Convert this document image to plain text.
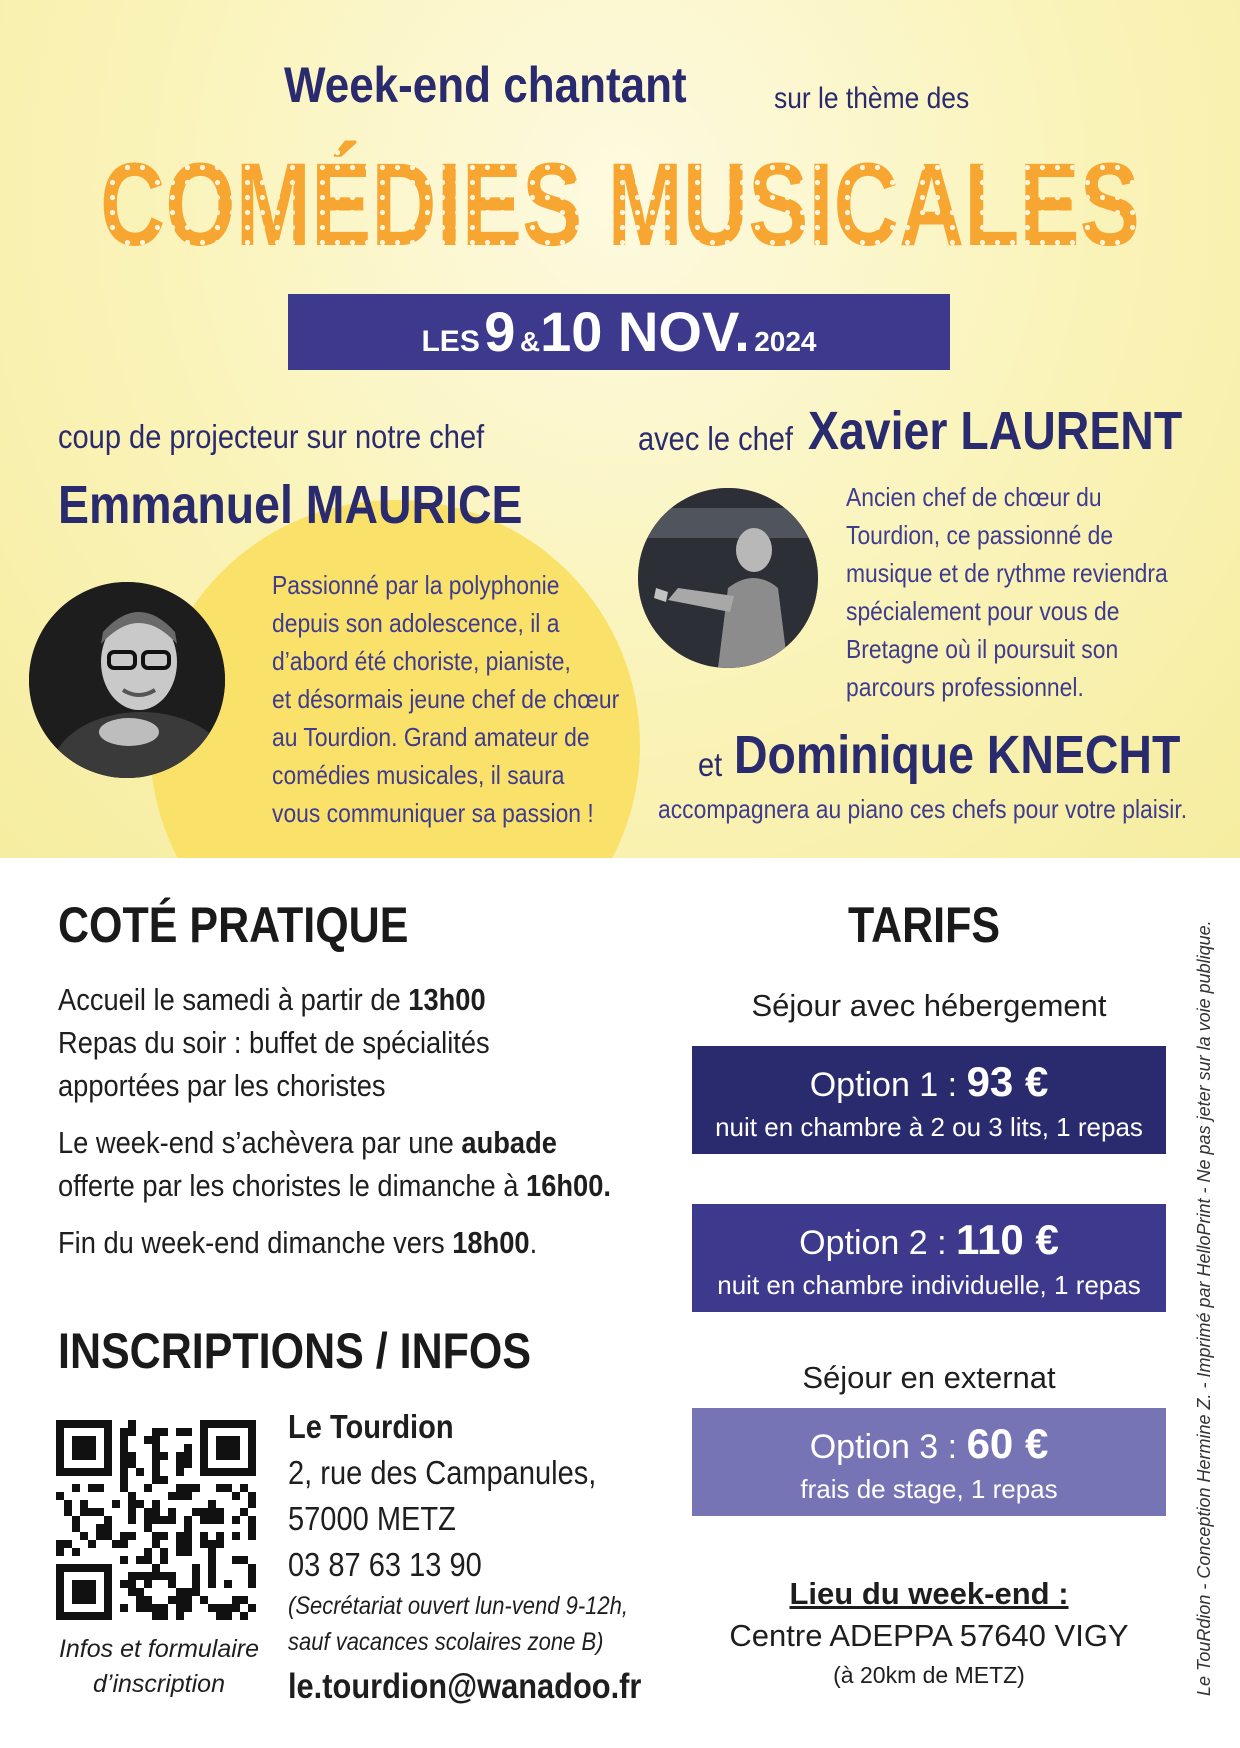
Week-end chantant	sur le thème des
COMÉDIES MUSICALES
COMÉDIES MUSICALES
LES 9 &10 NOV. 2024
coup de projecteur sur notre chef
Emmanuel MAURICE

Passionné par la polyphonie

depuis son adolescence, il a

d’abord été choriste, pianiste,

et désormais jeune chef de chœur

au Tourdion. Grand amateur de

comédies musicales, il saura

vous communiquer sa passion !

avec le chef Xavier LAURENT

Ancien chef de chœur du

Tourdion, ce passionné de

musique et de rythme reviendra

spécialement pour vous de

Bretagne où il poursuit son

parcours professionnel.

et Dominique KNECHT
accompagnera au piano ces chefs pour votre plaisir.
COTÉ PRATIQUE

Accueil le samedi à partir de 13h00

Repas du soir : buffet de spécialités

apportées par les choristes

Le week-end s’achèvera par une aubade

offerte par les choristes le dimanche à 16h00.

Fin du week-end dimanche vers 18h00.

INSCRIPTIONS / INFOS
Infos et formulaire
d’inscription
Le Tourdion
2, rue des Campanules,
57000 METZ
03 87 63 13 90
(Secrétariat ouvert lun-vend 9-12h,
sauf vacances scolaires zone B)
le.tourdion@wanadoo.fr
TARIFS
Séjour avec hébergement
Option 1 : 93 €
nuit en chambre à 2 ou 3 lits, 1 repas
Option 2 : 110 €
nuit en chambre individuelle, 1 repas
Séjour en externat
Option 3 : 60 €
frais de stage, 1 repas
Lieu du week-end :
Centre ADEPPA 57640 VIGY
(à 20km de METZ)	Le TouRdion - Conception Hermine Z. - Imprimé par HelloPrint - Ne pas jeter sur la voie publique.
